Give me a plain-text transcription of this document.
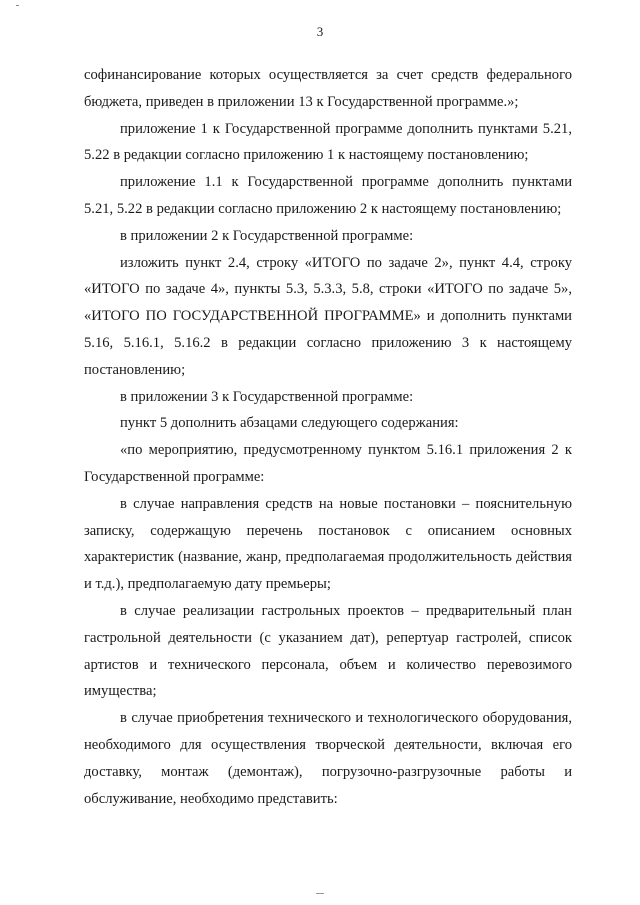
3

софинансирование которых осуществляется за счет средств федерального бюджета, приведен в приложении 13 к Государственной программе.»;

приложение 1 к Государственной программе дополнить пунктами 5.21, 5.22 в редакции согласно приложению 1 к настоящему постановлению;

приложение 1.1 к Государственной программе дополнить пунктами 5.21, 5.22 в редакции согласно приложению 2 к настоящему постановлению;

в приложении 2 к Государственной программе:

изложить пункт 2.4, строку «ИТОГО по задаче 2», пункт 4.4, строку «ИТОГО по задаче 4», пункты 5.3, 5.3.3, 5.8, строки «ИТОГО по задаче 5», «ИТОГО ПО ГОСУДАРСТВЕННОЙ ПРОГРАММЕ» и дополнить пунктами 5.16, 5.16.1, 5.16.2 в редакции согласно приложению 3 к настоящему постановлению;

в приложении 3 к Государственной программе:

пункт 5 дополнить абзацами следующего содержания:

«по мероприятию, предусмотренному пунктом 5.16.1 приложения 2 к Государственной программе:

в случае направления средств на новые постановки – пояснительную записку, содержащую перечень постановок с описанием основных характеристик (название, жанр, предполагаемая продолжительность действия и т.д.), предполагаемую дату премьеры;

в случае реализации гастрольных проектов – предварительный план гастрольной деятельности (с указанием дат), репертуар гастролей, список артистов и технического персонала, объем и количество перевозимого имущества;

в случае приобретения технического и технологического оборудования, необходимого для осуществления творческой деятельности, включая его доставку, монтаж (демонтаж), погрузочно-разгрузочные работы и обслуживание, необходимо представить:
